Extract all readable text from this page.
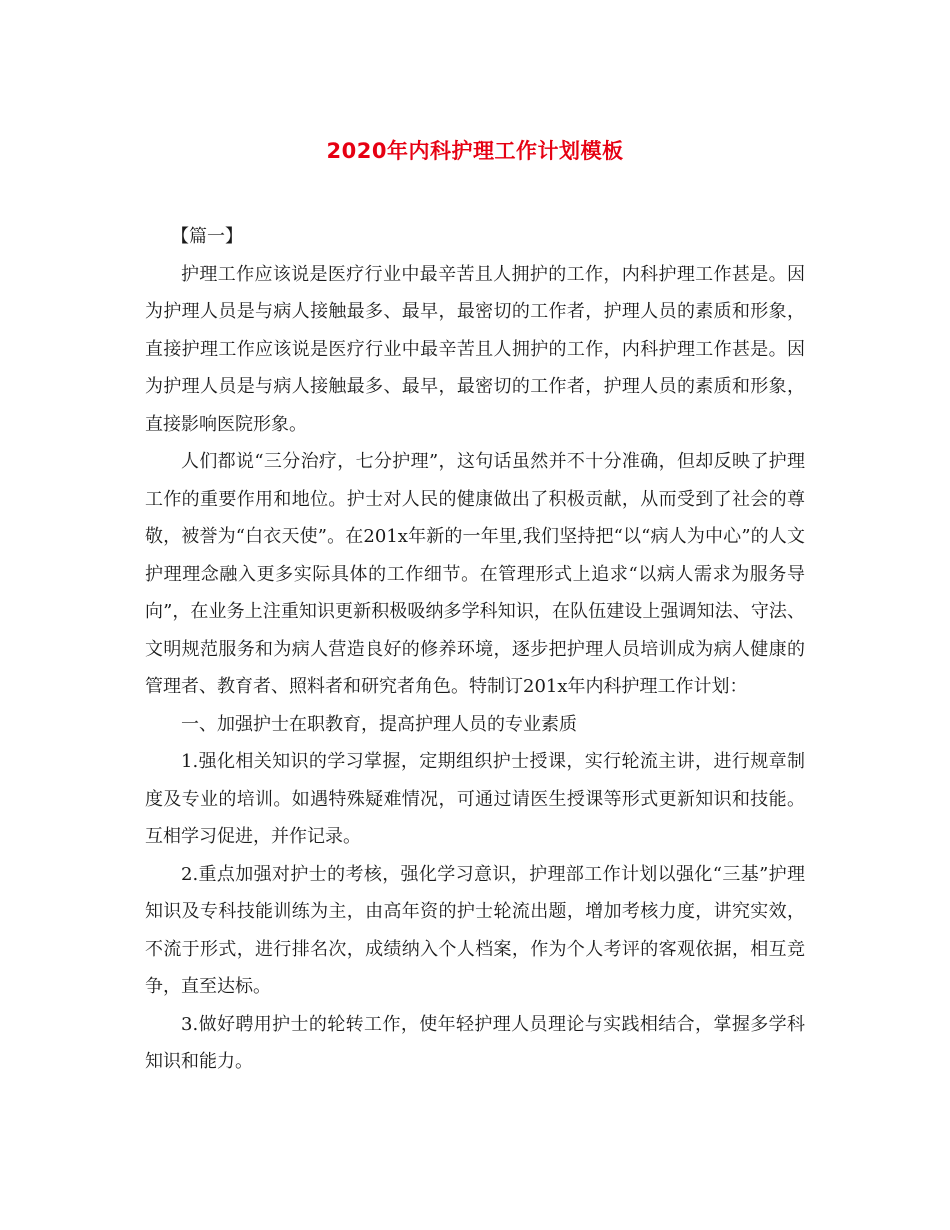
2020年内科护理工作计划模板

【篇一】

护理工作应该说是医疗行业中最辛苦且人拥护的工作，内科护理工作甚是。因为护理人员是与病人接触最多、最早，最密切的工作者，护理人员的素质和形象，直接护理工作应该说是医疗行业中最辛苦且人拥护的工作，内科护理工作甚是。因为护理人员是与病人接触最多、最早，最密切的工作者，护理人员的素质和形象，直接影响医院形象。

人们都说“三分治疗，七分护理”，这句话虽然并不十分准确，但却反映了护理工作的重要作用和地位。护士对人民的健康做出了积极贡献，从而受到了社会的尊敬，被誉为“白衣天使”。在201x年新的一年里,我们坚持把“以“病人为中心”的人文护理理念融入更多实际具体的工作细节。在管理形式上追求“以病人需求为服务导向”，在业务上注重知识更新积极吸纳多学科知识，在队伍建设上强调知法、守法、文明规范服务和为病人营造良好的修养环境，逐步把护理人员培训成为病人健康的管理者、教育者、照料者和研究者角色。特制订201x年内科护理工作计划：

一、加强护士在职教育，提高护理人员的专业素质

1.强化相关知识的学习掌握，定期组织护士授课，实行轮流主讲，进行规章制度及专业的培训。如遇特殊疑难情况，可通过请医生授课等形式更新知识和技能。互相学习促进，并作记录。

2.重点加强对护士的考核，强化学习意识，护理部工作计划以强化“三基”护理知识及专科技能训练为主，由高年资的护士轮流出题，增加考核力度，讲究实效，不流于形式，进行排名次，成绩纳入个人档案，作为个人考评的客观依据，相互竞争，直至达标。

3.做好聘用护士的轮转工作，使年轻护理人员理论与实践相结合，掌握多学科知识和能力。
